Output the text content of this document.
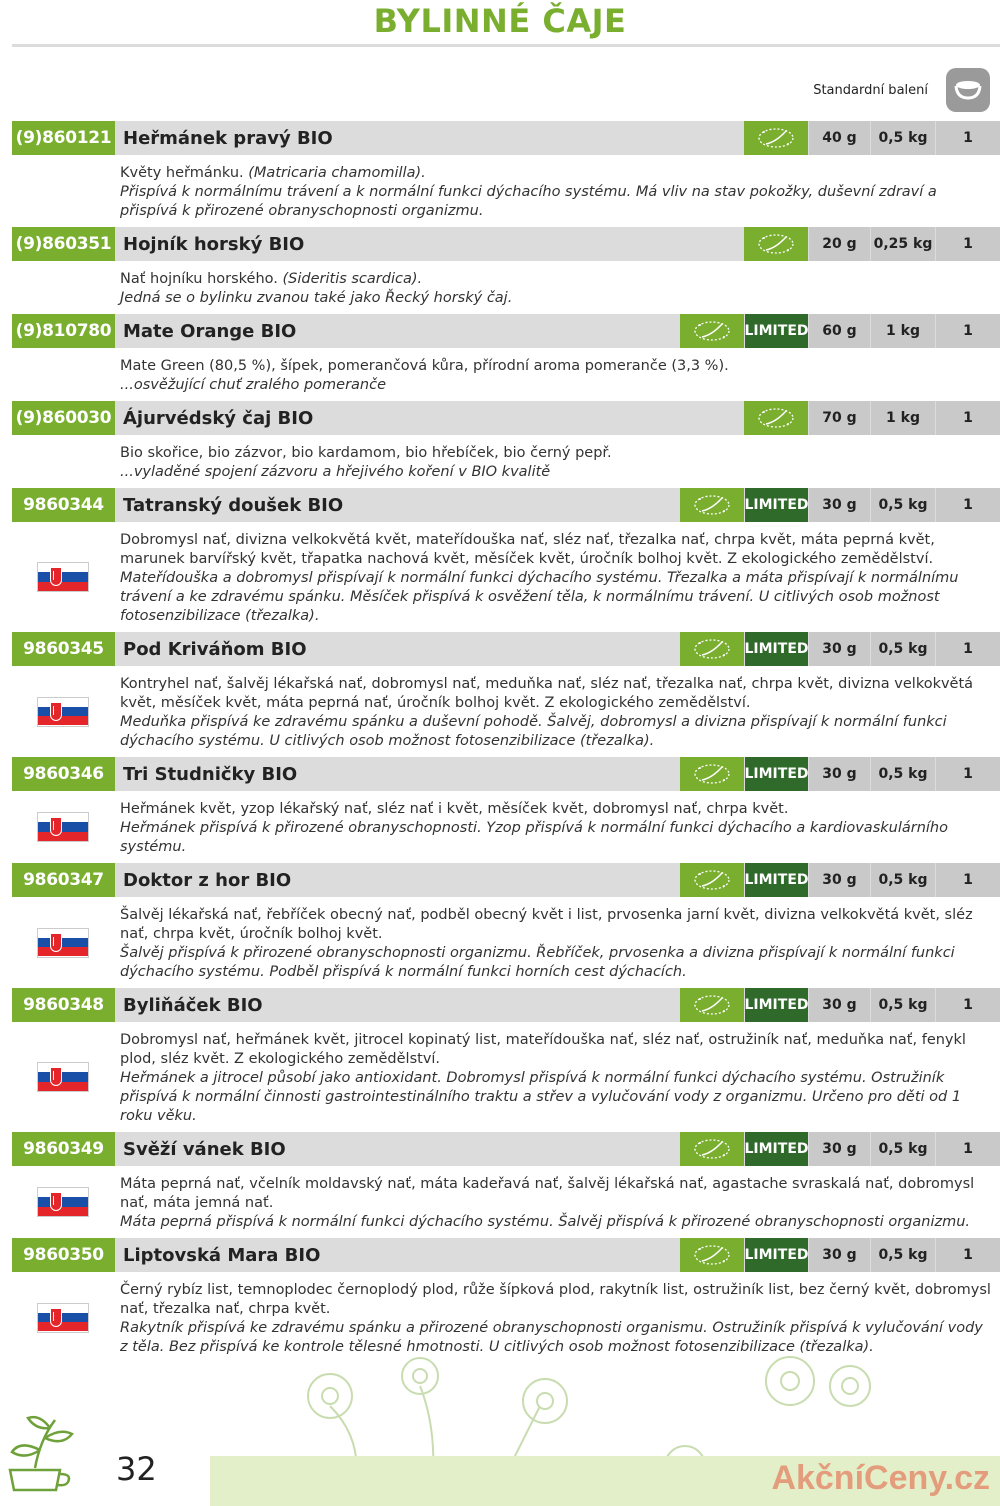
BYLINNÉ ČAJE
Standardní balení
(9)860121 Heřmánek pravý BIO	40 g	0,5 kg	1
Květy heřmánku. (Matricaria chamomilla).
Přispívá k normálnímu trávení a k normální funkci dýchacího systému. Má vliv na stav pokožky, duševní zdraví a přispívá k přirozené obranyschopnosti organizmu.
(9)860351 Hojník horský BIO	20 g	0,25 kg	1
Nať hojníku horského. (Sideritis scardica).
Jedná se o bylinku zvanou také jako Řecký horský čaj.
(9)810780 Mate Orange BIO	LIMITED 60 g	1 kg	1
Mate Green (80,5 %), šípek, pomerančová kůra, přírodní aroma pomeranče (3,3 %).
...osvěžující chuť zralého pomeranče
(9)860030 Ájurvédský čaj BIO	70 g	1 kg	1
Bio skořice, bio zázvor, bio kardamom, bio hřebíček, bio černý pepř.
...vyladěné spojení zázvoru a hřejivého koření v BIO kvalitě
9860344	Tatranský doušek BIO	LIMITED 30 g	0,5 kg	1
Dobromysl nať, divizna velkokvětá květ, mateřídouška nať, sléz nať, třezalka nať, chrpa květ, máta peprná květ, marunek barvířský květ, třapatka nachová květ, měsíček květ, úročník bolhoj květ. Z ekologického zemědělství.
Mateřídouška a dobromysl přispívají k normální funkci dýchacího systému. Třezalka a máta přispívají k normálnímu trávení a ke zdravému spánku. Měsíček přispívá k osvěžení těla, k normálnímu trávení. U citlivých osob možnost fotosenzibilizace (třezalka).
9860345	Pod Kriváňom BIO	LIMITED 30 g	0,5 kg	1
Kontryhel nať, šalvěj lékařská nať, dobromysl nať, meduňka nať, sléz nať, třezalka nať, chrpa květ, divizna velkokvětá květ, měsíček květ, máta peprná nať, úročník bolhoj květ. Z ekologického zemědělství.
Meduňka přispívá ke zdravému spánku a duševní pohodě. Šalvěj, dobromysl a divizna přispívají k normální funkci dýchacího systému. U citlivých osob možnost fotosenzibilizace (třezalka).
9860346	Tri Studničky BIO	LIMITED 30 g	0,5 kg	1
Heřmánek květ, yzop lékařský nať, sléz nať i květ, měsíček květ, dobromysl nať, chrpa květ.
Heřmánek přispívá k přirozené obranyschopnosti. Yzop přispívá k normální funkci dýchacího a kardiovaskulárního systému.
9860347	Doktor z hor BIO	LIMITED 30 g	0,5 kg	1
Šalvěj lékařská nať, řebříček obecný nať, podběl obecný květ i list, prvosenka jarní květ, divizna velkokvětá květ, sléz nať, chrpa květ, úročník bolhoj květ.
Šalvěj přispívá k přirozené obranyschopnosti organizmu. Řebříček, prvosenka a divizna přispívají k normální funkci dýchacího systému. Podběl přispívá k normální funkci horních cest dýchacích.
9860348	Byliňáček BIO	LIMITED 30 g	0,5 kg	1
Dobromysl nať, heřmánek květ, jitrocel kopinatý list, mateřídouška nať, sléz nať, ostružiník nať, meduňka nať, fenykl plod, sléz květ. Z ekologického zemědělství.
Heřmánek a jitrocel působí jako antioxidant. Dobromysl přispívá k normální funkci dýchacího systému. Ostružiník přispívá k normální činnosti gastrointestinálního traktu a střev a vylučování vody z organizmu. Určeno pro děti od 1 roku věku.
9860349	Svěží vánek BIO	LIMITED 30 g	0,5 kg	1
Máta peprná nať, včelník moldavský nať, máta kadeřavá nať, šalvěj lékařská nať, agastache svraskalá nať, dobromysl nať, máta jemná nať.
Máta peprná přispívá k normální funkci dýchacího systému. Šalvěj přispívá k přirozené obranyschopnosti organizmu.
9860350	Liptovská Mara BIO	LIMITED 30 g	0,5 kg	1
Černý rybíz list, temnoplodec černoplodý plod, růže šípková plod, rakytník list, ostružiník list, bez černý květ, dobromysl nať, třezalka nať, chrpa květ.
Rakytník přispívá ke zdravému spánku a přirozené obranyschopnosti organismu. Ostružiník přispívá k vylučování vody z těla. Bez přispívá ke kontrole tělesné hmotnosti. U citlivých osob možnost fotosenzibilizace (třezalka).
32	AkčníCeny.cz
